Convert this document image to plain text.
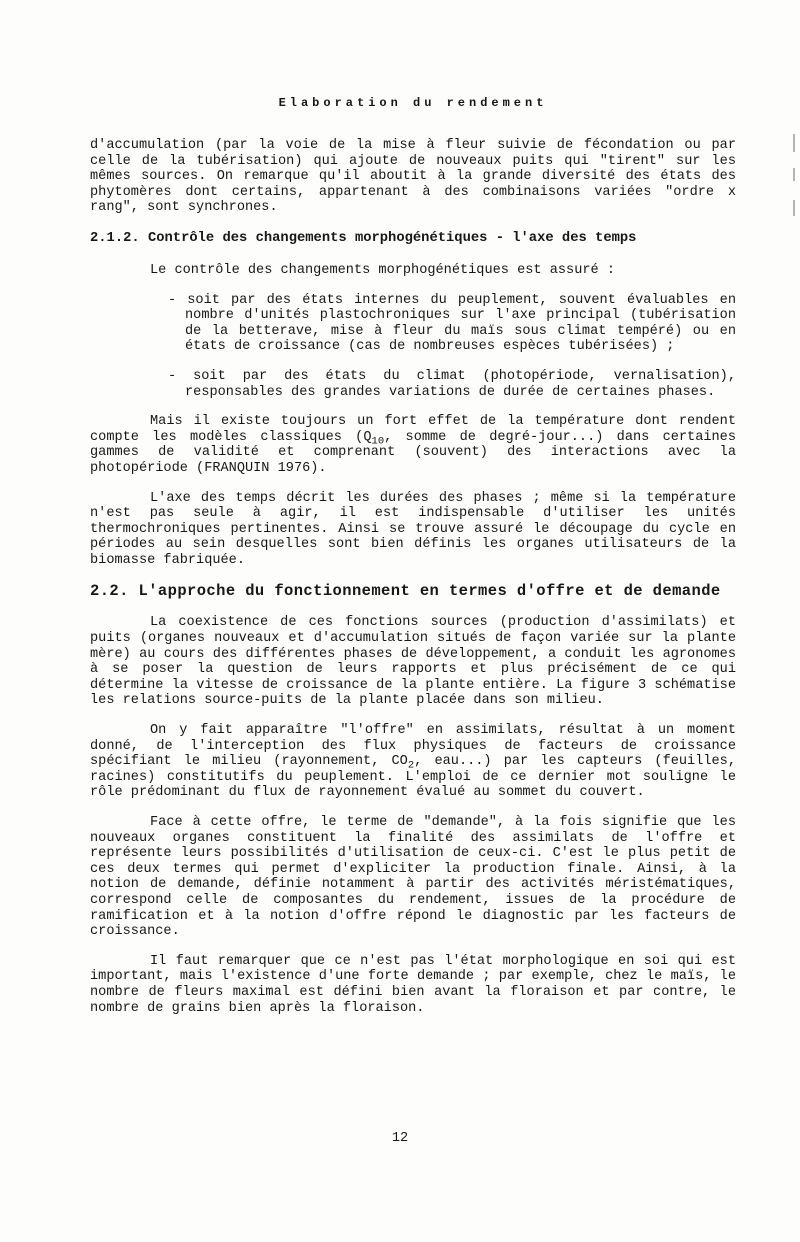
Elaboration du rendement

d'accumulation (par la voie de la mise à fleur suivie de fécondation ou par celle de la tubérisation) qui ajoute de nouveaux puits qui "tirent" sur les mêmes sources. On remarque qu'il aboutit à la grande diversité des états des phytomères dont certains, appartenant à des combinaisons variées "ordre x rang", sont synchrones.

2.1.2. Contrôle des changements morphogénétiques - l'axe des temps

Le contrôle des changements morphogénétiques est assuré :

- soit par des états internes du peuplement, souvent évaluables en nombre d'unités plastochroniques sur l'axe principal (tubérisation de la betterave, mise à fleur du maïs sous climat tempéré) ou en états de croissance (cas de nombreuses espèces tubérisées) ;

- soit par des états du climat (photopériode, vernalisation), responsables des grandes variations de durée de certaines phases.

Mais il existe toujours un fort effet de la température dont rendent compte les modèles classiques ($Q_{10}$, somme de degré-jour...) dans certaines gammes de validité et comprenant (souvent) des interactions avec la photopériode (FRANQUIN 1976).

L'axe des temps décrit les durées des phases ; même si la température n'est pas seule à agir, il est indispensable d'utiliser les unités thermochroniques pertinentes. Ainsi se trouve assuré le découpage du cycle en périodes au sein desquelles sont bien définis les organes utilisateurs de la biomasse fabriquée.

2.2. L'approche du fonctionnement en termes d'offre et de demande

La coexistence de ces fonctions sources (production d'assimilats) et puits (organes nouveaux et d'accumulation situés de façon variée sur la plante mère) au cours des différentes phases de développement, a conduit les agronomes à se poser la question de leurs rapports et plus précisément de ce qui détermine la vitesse de croissance de la plante entière. La figure 3 schématise les relations source-puits de la plante placée dans son milieu.

On y fait apparaître "l'offre" en assimilats, résultat à un moment donné, de l'interception des flux physiques de facteurs de croissance spécifiant le milieu (rayonnement, $CO_2$, eau...) par les capteurs (feuilles, racines) constitutifs du peuplement. L'emploi de ce dernier mot souligne le rôle prédominant du flux de rayonnement évalué au sommet du couvert.

Face à cette offre, le terme de "demande", à la fois signifie que les nouveaux organes constituent la finalité des assimilats de l'offre et représente leurs possibilités d'utilisation de ceux-ci. C'est le plus petit de ces deux termes qui permet d'expliciter la production finale. Ainsi, à la notion de demande, définie notamment à partir des activités méristématiques, correspond celle de composantes du rendement, issues de la procédure de ramification et à la notion d'offre répond le diagnostic par les facteurs de croissance.

Il faut remarquer que ce n'est pas l'état morphologique en soi qui est important, mais l'existence d'une forte demande ; par exemple, chez le maïs, le nombre de fleurs maximal est défini bien avant la floraison et par contre, le nombre de grains bien après la floraison.

12
